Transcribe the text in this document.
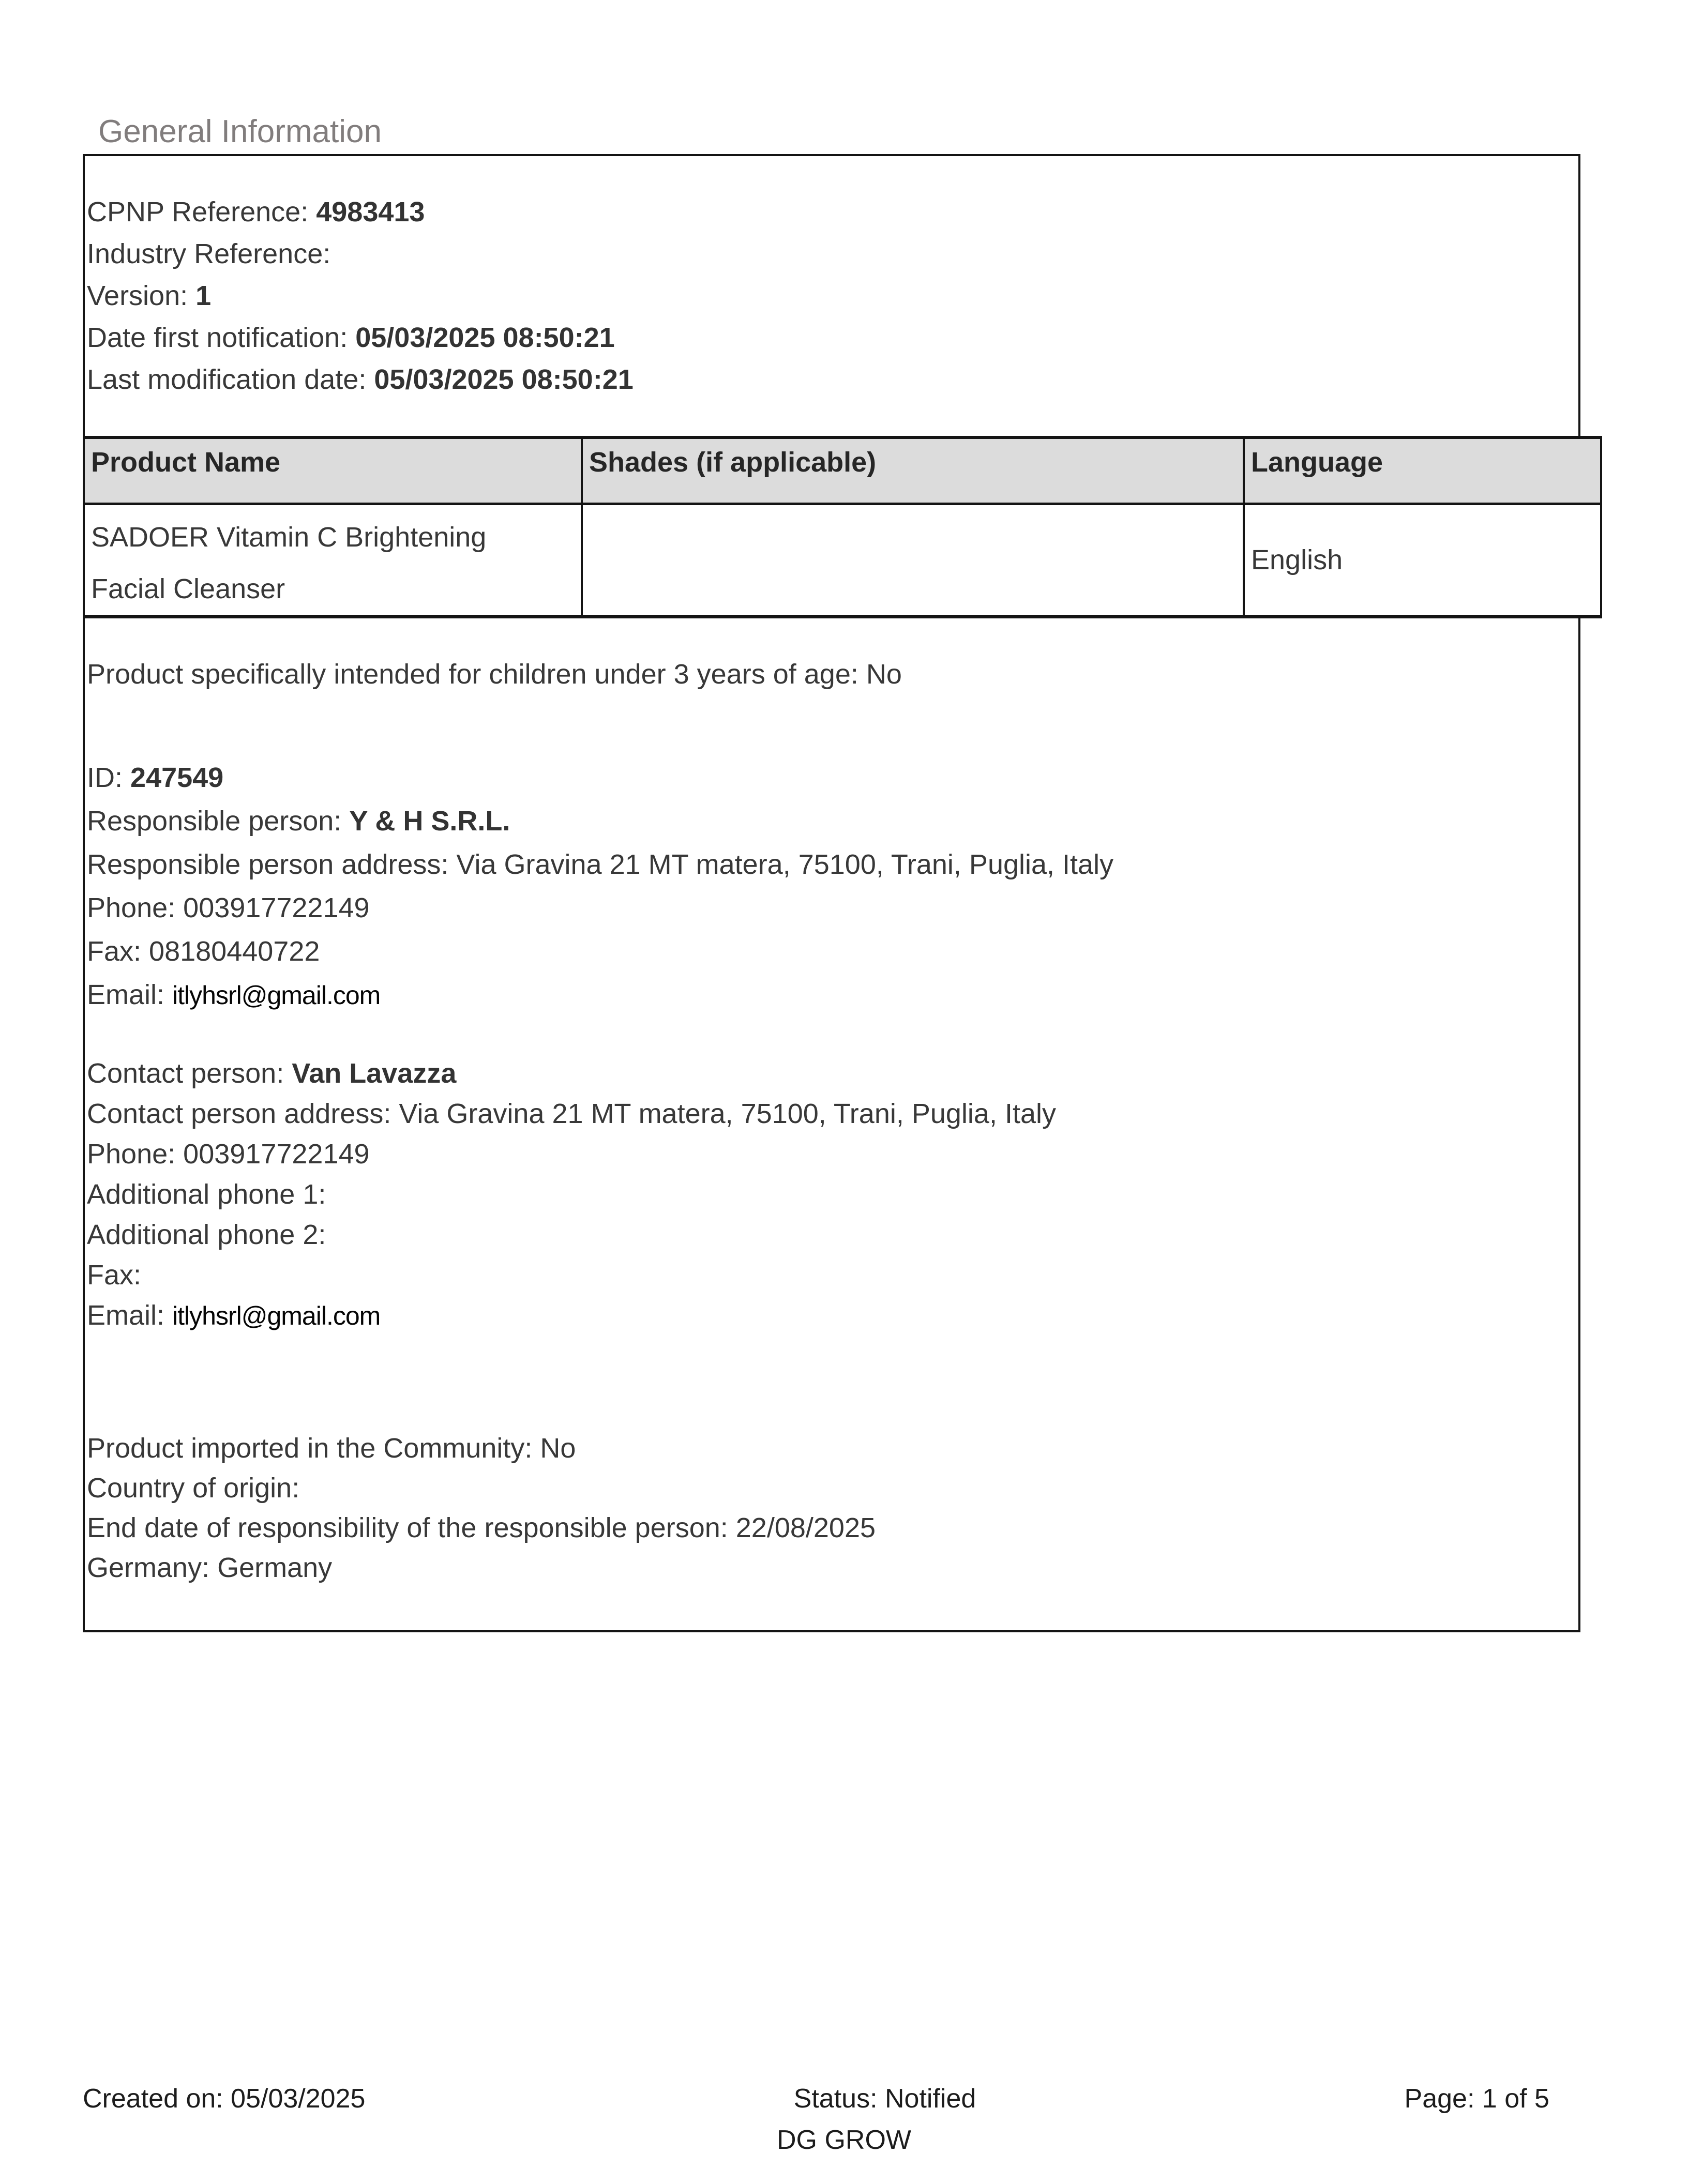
General Information
CPNP Reference: 4983413
Industry Reference:
Version: 1
Date first notification: 05/03/2025 08:50:21
Last modification date: 05/03/2025 08:50:21
Product Name	Shades (if applicable)	Language

SADOER Vitamin C Brightening
Facial Cleanser		English
Product specifically intended for children under 3 years of age: No
ID: 247549
Responsible person: Y & H S.R.L.
Responsible person address: Via Gravina 21 MT matera, 75100, Trani, Puglia, Italy
Phone: 003917722149
Fax: 08180440722
Email: itlyhsrl@gmail.com
Contact person: Van Lavazza
Contact person address: Via Gravina 21 MT matera, 75100, Trani, Puglia, Italy
Phone: 003917722149
Additional phone 1:
Additional phone 2:
Fax:
Email: itlyhsrl@gmail.com
Product imported in the Community: No
Country of origin:
End date of responsibility of the responsible person: 22/08/2025
Germany: Germany
Created on: 05/03/2025	Status: Notified	Page: 1 of 5
DG GROW
